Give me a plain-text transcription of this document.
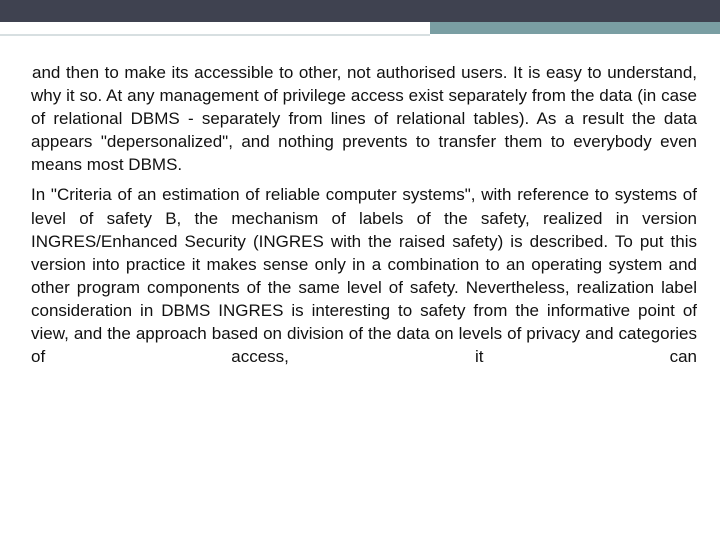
and then to make its accessible to other, not authorised users. It is easy to understand, why it so. At any management of privilege access exist separately from the data (in case of relational DBMS - separately from lines of relational tables). As a result the data appears "depersonalized", and nothing prevents to transfer them to everybody even means most DBMS.

In "Criteria of an estimation of reliable computer systems", with reference to systems of level of safety B, the mechanism of labels of the safety, realized in version INGRES/Enhanced Security (INGRES with the raised safety) is described. To put this version into practice it makes sense only in a combination to an operating system and other program components of the same level of safety. Nevertheless, realization label consideration in DBMS INGRES is interesting to safety from the informative point of view, and the approach based on division of the data on levels of privacy and categories of access, it can
